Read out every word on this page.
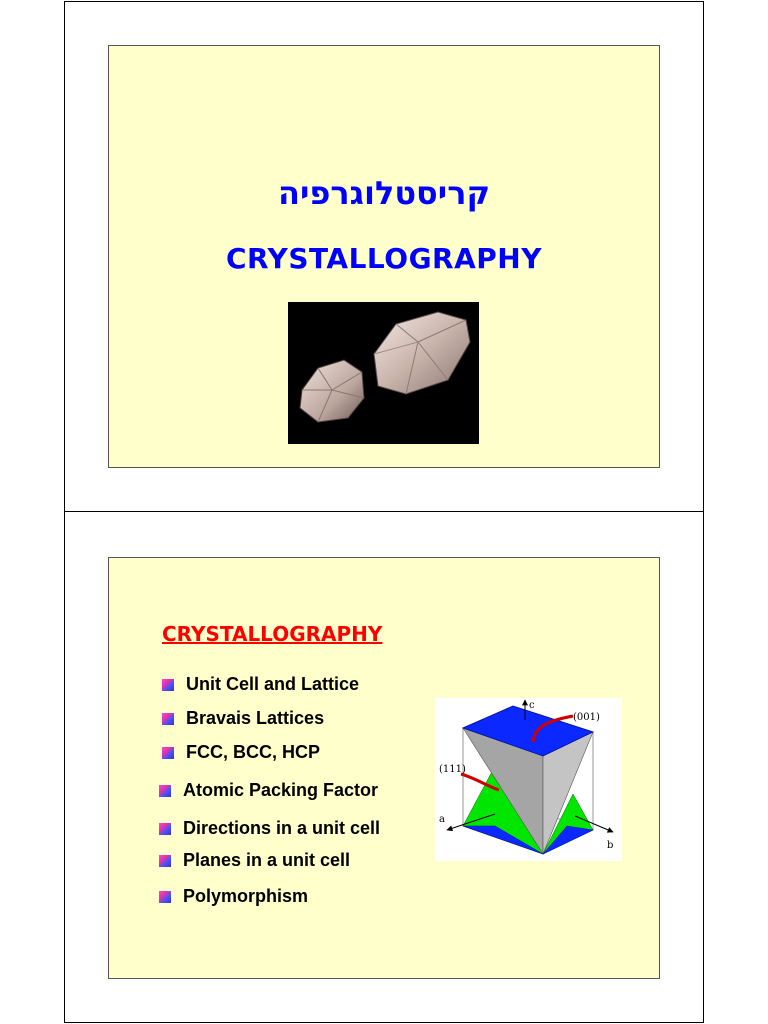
קריסטלוגרפיה
CRYSTALLOGRAPHY
CRYSTALLOGRAPHY
Unit Cell and Lattice
Bravais Lattices
FCC, BCC, HCP
Atomic Packing Factor
Directions in a unit cell
Planes in a unit cell
Polymorphism
c
a
b
(001)
(111)
